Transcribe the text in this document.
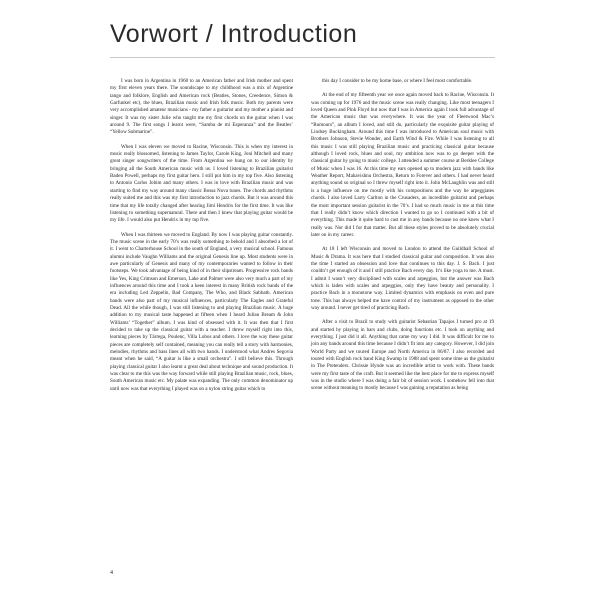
Vorwort / Introduction

I was born in Argentina in 1960 to an American father and Irish mother and spent my first eleven years there. The soundscape to my childhood was a mix of Argentine tango and folklore, English and American rock (Beatles, Stones, Creedence, Simon & Garfunkel etc), the blues, Brazilian music and Irish folk music. Both my parents were very accomplished amateur musicians - my father a guitarist and my mother a pianist and singer. It was my sister Julie who taught me my first chords on the guitar when I was around 9. The first songs I learnt were, “Samba de mi Esperanza” and the Beatles’ “Yellow Submarine”.

When I was eleven we moved to Racine, Wisconsin. This is when my interest in music really blossomed, listening to James Taylor, Carole King, Joni Mitchell and many great singer songwriters of the time. From Argentina we hung on to our identity by bringing all the South American music with us. I loved listening to Brazilian guitarist Baden Powell, perhaps my first guitar hero. I still put him in my top five. Also listening to Antonio Carlos Jobim and many others. I was in love with Brazilian music and was starting to find my way around many classic Bossa Nova tunes. The chords and rhythms really suited me and this was my first introduction to jazz chords. But it was around this time that my life totally changed after hearing Jimi Hendrix for the first time. It was like listening to something supernatural. There and then I knew that playing guitar would be my life. I would also put Hendrix in my top five.

When I was thirteen we moved to England. By now I was playing guitar constantly. The music scene in the early 70’s was really something to behold and I absorbed a lot of it. I went to Charterhouse School in the south of England, a very musical school. Famous alumni include Vaughn Williams and the original Genesis line up. Most students were in awe particularly of Genesis and many of my contemporaries wanted to follow in their footsteps. We took advantage of being kind of in their slipstream. Progressive rock bands like Yes, King Crimson and Emerson, Lake and Palmer were also very much a part of my influences around this time and I took a keen interest in many British rock bands of the era including Led Zeppelin, Bad Company, The Who, and Black Sabbath. American bands were also part of my musical influences, particularly The Eagles and Grateful Dead. All the while though, I was still listening to and playing Brazilian music. A huge addition to my musical taste happened at fifteen when I heard Julian Bream & John Williams’ “Together” album. I was kind of obsessed with it. It was then that I first decided to take up the classical guitar with a teacher. I threw myself right into this, learning pieces by Tárrega, Poulenc, Villa Lobos and others. I love the way these guitar pieces are completely self contained, meaning you can really tell a story with harmonies, melodies, rhythms and bass lines all with two hands. I understood what Andres Segovia meant when he said, “A guitar is like a small orchestra”. I still believe this. Through playing classical guitar I also learnt a great deal about technique and sound production. It was clear to me this was the way forward while still playing Brazilian music, rock, blues, South American music etc. My palate was expanding. The only common denominator up until now was that everything I played was on a nylon string guitar which to

this day I consider to be my home base, or where I feel most comfortable.

At the end of my fifteenth year we once again moved back to Racine, Wisconsin. It was coming up for 1976 and the music scene was really changing. Like most teenagers I loved Queen and Pink Floyd but now that I was in America again I took full advantage of the American music that was everywhere. It was the year of Fleetwood Mac’s “Rumours”, an album I loved, and still do, particularly the exquisite guitar playing of Lindsey Buckingham. Around this time I was introduced to American soul music with Brothers Johnson, Stevie Wonder, and Earth Wind & Fire. While I was listening to all this music I was still playing Brazilian music and practicing classical guitar because although I loved rock, blues and soul, my ambition now was to go deeper with the classical guitar by going to music college. I attended a summer course at Berklee College of Music when I was 16. At this time my ears opened up to modern jazz with bands like Weather Report, Mahavishnu Orchestra, Return to Forever and others. I had never heard anything sound so original so I threw myself right into it. John McLaughlin was and still is a huge influence on me mostly with his compositions and the way he arpeggiates chords. I also loved Larry Carlton in the Crusaders, an incredible guitarist and perhaps the most important session guitarist in the 70’s. I had so much music in me at this time that I really didn’t know which direction I wanted to go so I continued with a bit of everything. This made it quite hard to cast me in any bands because no one knew what I really was. Nor did I for that matter. But all these styles proved to be absolutely crucial later on in my career.

At 18 I left Wisconsin and moved to London to attend the Guildhall School of Music & Drama. It was here that I studied classical guitar and composition. It was also the time I started an obsession and love that continues to this day. J. S. Bach. I just couldn’t get enough of it and I still practice Bach every day. It’s like yoga to me. A must. I admit I wasn’t very disciplined with scales and arpeggios, but the answer was Bach which is laden with scales and arpeggios, only they have beauty and personality. I practice Bach in a monotone way. Limited dynamics with emphasis on even and pure tone. This has always helped me have control of my instrument as opposed to the other way around. I never get tired of practicing Bach.

After a visit to Brazil to study with guitarist Sebastian Tapajos I turned pro at 19 and started by playing in bars and clubs, doing functions etc. I took on anything and everything. I just did it all. Anything that came my way I did. It was difficult for me to join any bands around this time because I didn’t fit into any category. However, I did join World Party and we toured Europe and North America in 86/87. I also recorded and toured with English rock band King Swamp in 1988 and spent some time as the guitarist in The Pretenders. Chrissie Hynde was an incredible artist to work with. These bands were my first taste of the craft. But it seemed like the best place for me to express myself was in the studio where I was doing a fair bit of session work. I somehow fell into that scene without meaning to mostly because I was gaining a reputation as being

4
